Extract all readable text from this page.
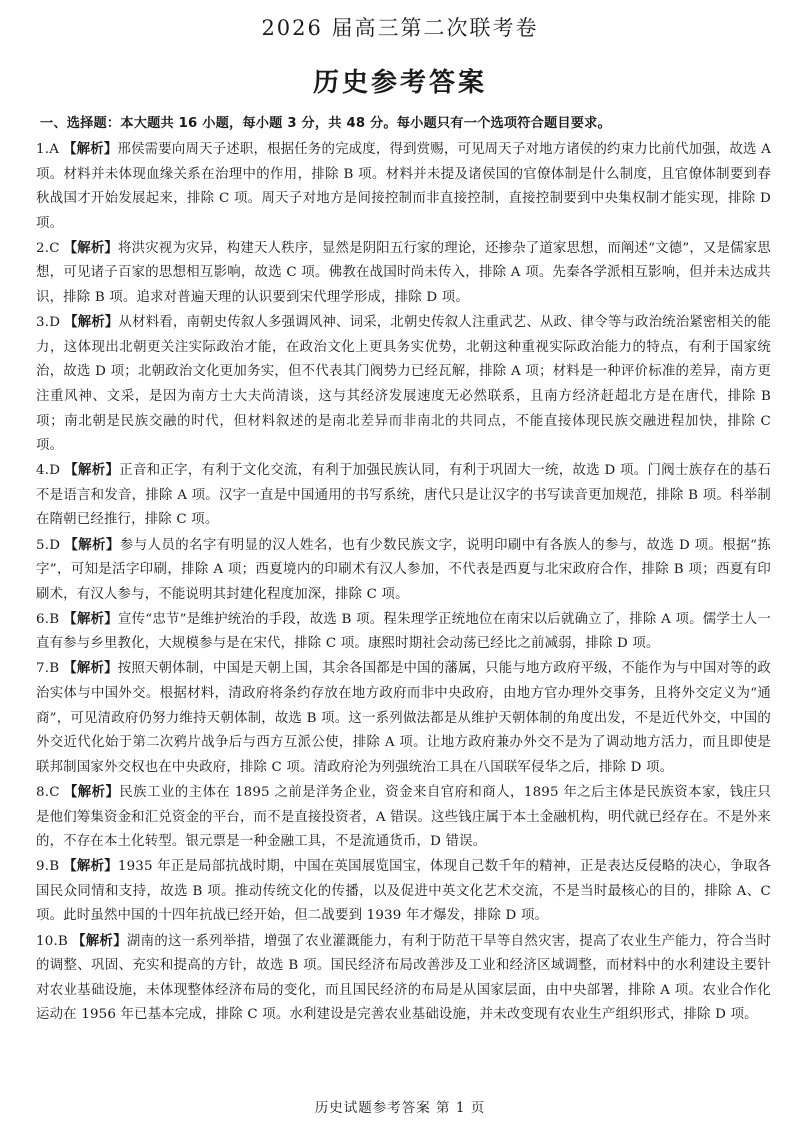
2026 届高三第二次联考卷
历史参考答案
一、选择题：本大题共 16 小题，每小题 3 分，共 48 分。每小题只有一个选项符合题目要求。
1.A 【解析】邢侯需要向周天子述职，根据任务的完成度，得到赏赐，可见周天子对地方诸侯的约束力比前代加强，故选 A 项。材料并未体现血缘关系在治理中的作用，排除 B 项。材料并未提及诸侯国的官僚体制是什么制度，且官僚体制要到春秋战国才开始发展起来，排除 C 项。周天子对地方是间接控制而非直接控制，直接控制要到中央集权制才能实现，排除 D 项。
2.C 【解析】将洪灾视为灾异，构建天人秩序，显然是阴阳五行家的理论，还掺杂了道家思想，而阐述“文德”，又是儒家思想，可见诸子百家的思想相互影响，故选 C 项。佛教在战国时尚未传入，排除 A 项。先秦各学派相互影响，但并未达成共识，排除 B 项。追求对普遍天理的认识要到宋代理学形成，排除 D 项。
3.D 【解析】从材料看，南朝史传叙人多强调风神、词采，北朝史传叙人注重武艺、从政、律令等与政治统治紧密相关的能力，这体现出北朝更关注实际政治才能，在政治文化上更具务实优势，北朝这种重视实际政治能力的特点，有利于国家统治，故选 D 项；北朝政治文化更加务实，但不代表其门阀势力已经瓦解，排除 A 项；材料是一种评价标准的差异，南方更注重风神、文采，是因为南方士大夫尚清谈，这与其经济发展速度无必然联系，且南方经济赶超北方是在唐代，排除 B 项；南北朝是民族交融的时代，但材料叙述的是南北差异而非南北的共同点，不能直接体现民族交融进程加快，排除 C 项。
4.D 【解析】正音和正字，有利于文化交流，有利于加强民族认同，有利于巩固大一统，故选 D 项。门阀士族存在的基石不是语言和发音，排除 A 项。汉字一直是中国通用的书写系统，唐代只是让汉字的书写读音更加规范，排除 B 项。科举制在隋朝已经推行，排除 C 项。
5.D 【解析】参与人员的名字有明显的汉人姓名，也有少数民族文字，说明印刷中有各族人的参与，故选 D 项。根据“拣字”，可知是活字印刷，排除 A 项；西夏境内的印刷术有汉人参加，不代表是西夏与北宋政府合作，排除 B 项；西夏有印刷术，有汉人参与，不能说明其封建化程度加深，排除 C 项。
6.B 【解析】宣传“忠节”是维护统治的手段，故选 B 项。程朱理学正统地位在南宋以后就确立了，排除 A 项。儒学士人一直有参与乡里教化，大规模参与是在宋代，排除 C 项。康熙时期社会动荡已经比之前减弱，排除 D 项。
7.B 【解析】按照天朝体制，中国是天朝上国，其余各国都是中国的藩属，只能与地方政府平级，不能作为与中国对等的政治实体与中国外交。根据材料，清政府将条约存放在地方政府而非中央政府，由地方官办理外交事务，且将外交定义为“通商”，可见清政府仍努力维持天朝体制，故选 B 项。这一系列做法都是从维护天朝体制的角度出发，不是近代外交，中国的外交近代化始于第二次鸦片战争后与西方互派公使，排除 A 项。让地方政府兼办外交不是为了调动地方活力，而且即使是联邦制国家外交权也在中央政府，排除 C 项。清政府沦为列强统治工具在八国联军侵华之后，排除 D 项。
8.C 【解析】民族工业的主体在 1895 之前是洋务企业，资金来自官府和商人，1895 年之后主体是民族资本家，钱庄只是他们筹集资金和汇兑资金的平台，而不是直接投资者，A 错误。这些钱庄属于本土金融机构，明代就已经存在。不是外来的，不存在本土化转型。银元票是一种金融工具，不是流通货币，D 错误。
9.B 【解析】1935 年正是局部抗战时期，中国在英国展览国宝，体现自己数千年的精神，正是表达反侵略的决心，争取各国民众同情和支持，故选 B 项。推动传统文化的传播，以及促进中英文化艺术交流，不是当时最核心的目的，排除 A、C 项。此时虽然中国的十四年抗战已经开始，但二战要到 1939 年才爆发，排除 D 项。
10.B 【解析】湖南的这一系列举措，增强了农业灌溉能力，有利于防范干旱等自然灾害，提高了农业生产能力，符合当时的调整、巩固、充实和提高的方针，故选 B 项。国民经济布局改善涉及工业和经济区域调整，而材料中的水利建设主要针对农业基础设施，未体现整体经济布局的变化，而且国民经济的布局是从国家层面，由中央部署，排除 A 项。农业合作化运动在 1956 年已基本完成，排除 C 项。水利建设是完善农业基础设施，并未改变现有农业生产组织形式，排除 D 项。
历史试题参考答案 第 1 页
